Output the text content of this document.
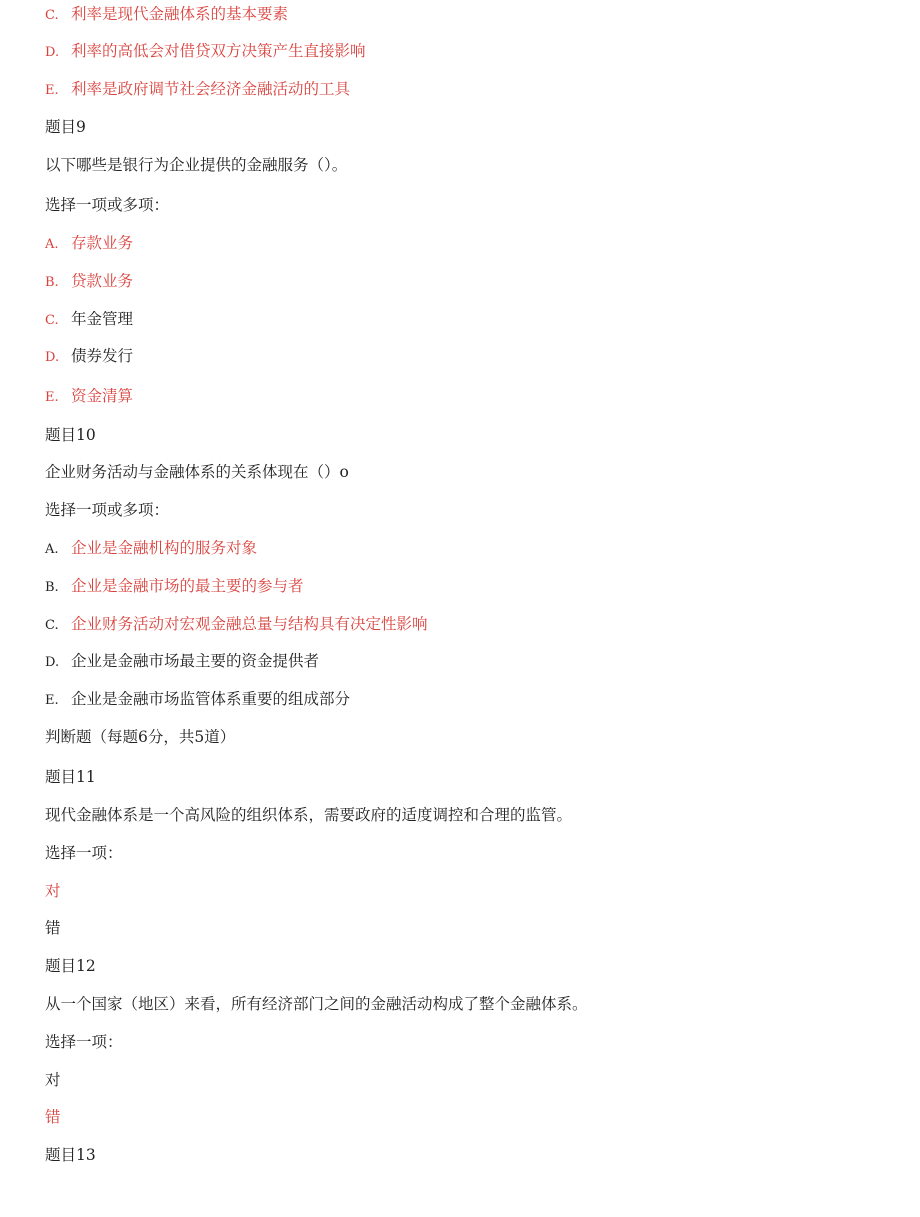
C. 利率是现代金融体系的基本要素
D. 利率的高低会对借贷双方决策产生直接影响
E. 利率是政府调节社会经济金融活动的工具
题目9
以下哪些是银行为企业提供的金融服务（）。
选择一项或多项：
A. 存款业务
B. 贷款业务
C. 年金管理
D. 债券发行
E. 资金清算
题目10
企业财务活动与金融体系的关系体现在（）o
选择一项或多项：
A. 企业是金融机构的服务对象
B. 企业是金融市场的最主要的参与者
C. 企业财务活动对宏观金融总量与结构具有决定性影响
D. 企业是金融市场最主要的资金提供者
E. 企业是金融市场监管体系重要的组成部分
判断题（每题6分，共5道）
题目11
现代金融体系是一个高风险的组织体系，需要政府的适度调控和合理的监管。
选择一项：
对
错
题目12
从一个国家（地区）来看，所有经济部门之间的金融活动构成了整个金融体系。
选择一项：
对
错
题目13
